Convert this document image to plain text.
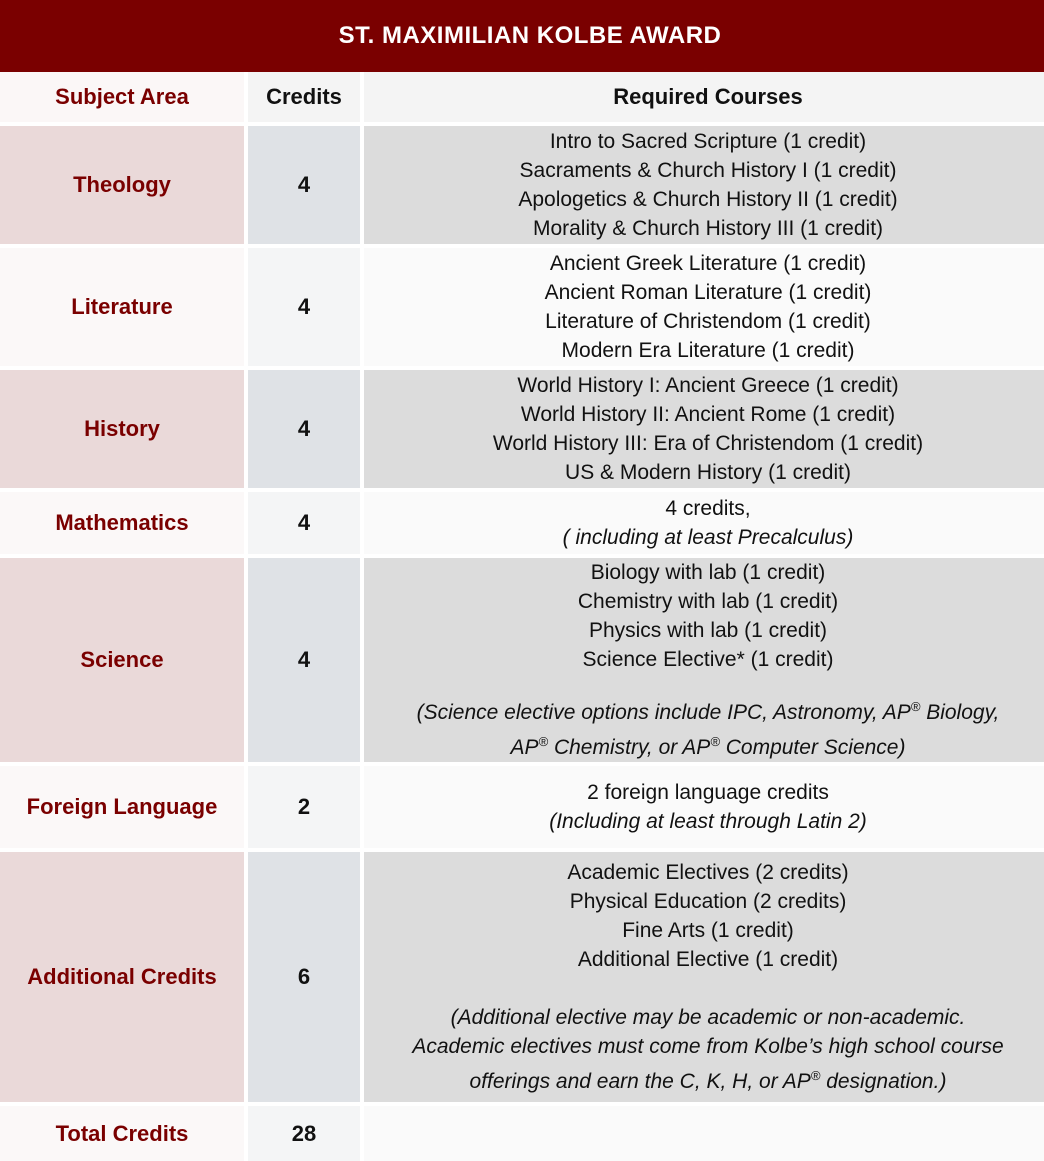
ST. MAXIMILIAN KOLBE AWARD
Subject Area	Credits	Required Courses
Theology	4
Intro to Sacred Scripture (1 credit)
Sacraments & Church History I (1 credit)
Apologetics & Church History II (1 credit)
Morality & Church History III (1 credit)
Literature	4
Ancient Greek Literature (1 credit)
Ancient Roman Literature (1 credit)
Literature of Christendom (1 credit)
Modern Era Literature (1 credit)
History	4
World History I: Ancient Greece (1 credit)
World History II: Ancient Rome (1 credit)
World History III: Era of Christendom (1 credit)
US & Modern History (1 credit)
Mathematics	4
4 credits,
( including at least Precalculus)
Science	4
Biology with lab (1 credit)
Chemistry with lab (1 credit)
Physics with lab (1 credit)
Science Elective* (1 credit)
(Science elective options include IPC, Astronomy, AP® Biology,
AP® Chemistry, or AP® Computer Science)
Foreign Language	2
2 foreign language credits
(Including at least through Latin 2)
Additional Credits	6
Academic Electives (2 credits)
Physical Education (2 credits)
Fine Arts (1 credit)
Additional Elective (1 credit)
(Additional elective may be academic or non-academic.
Academic electives must come from Kolbe’s high school course
offerings and earn the C, K, H, or AP® designation.)
Total Credits	28
